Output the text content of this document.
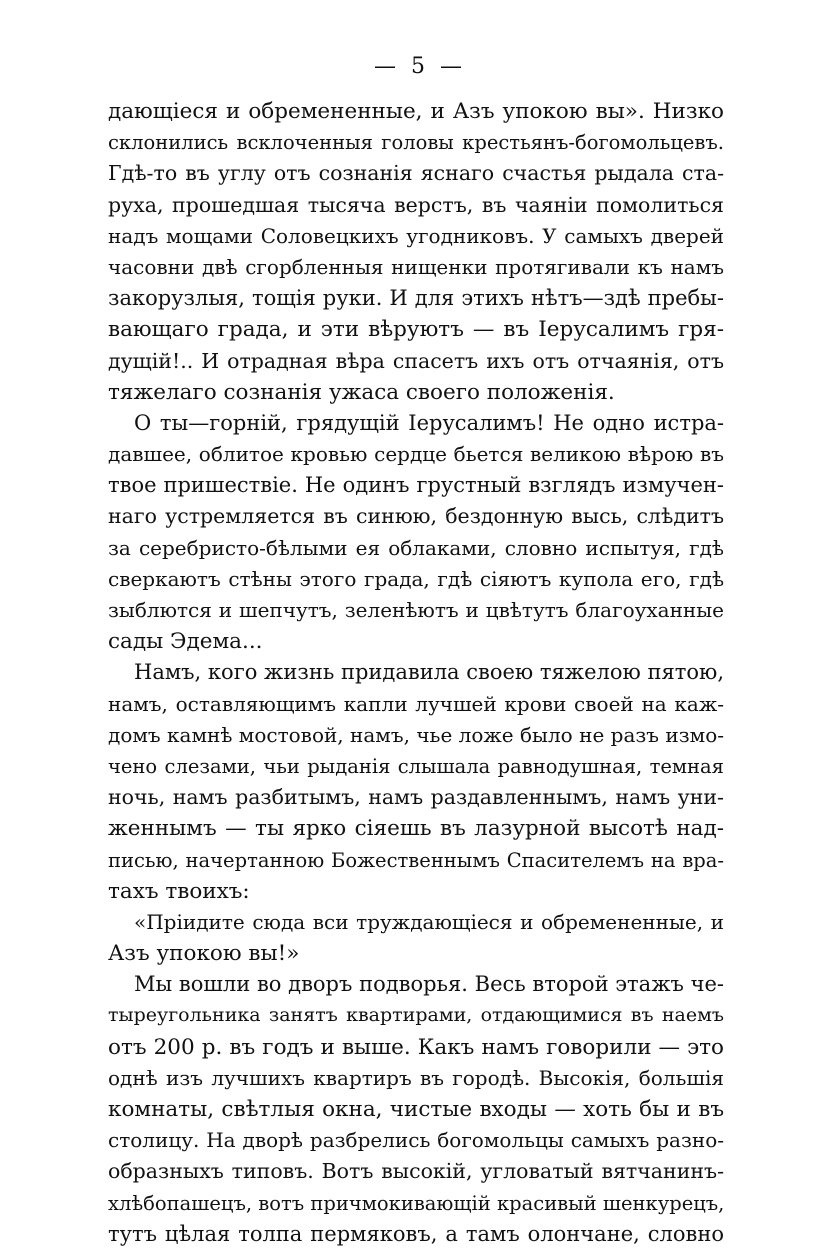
— 5 —
дающіеся и обремененные, и Азъ упокою вы». Низко
склонились всклоченныя головы крестьянъ-богомольцевъ.
Гдѣ-то въ углу отъ сознанія яснаго счастья рыдала ста-
руха, прошедшая тысяча верстъ, въ чаяніи помолиться
надъ мощами Соловецкихъ угодниковъ. У самыхъ дверей
часовни двѣ сгорбленныя нищенки протягивали къ намъ
закорузлыя, тощія руки. И для этихъ нѣтъ—здѣ пребы-
вающаго града, и эти вѣруютъ — въ Іерусалимъ гря-
дущій!.. И отрадная вѣра спасетъ ихъ отъ отчаянія, отъ
тяжелаго сознанія ужаса своего положенія.
О ты—горній, грядущій Іерусалимъ! Не одно истра-
давшее, облитое кровью сердце бьется великою вѣрою въ
твое пришествіе. Не одинъ грустный взглядъ измучен-
наго устремляется въ синюю, бездонную высь, слѣдитъ
за серебристо-бѣлыми ея облаками, словно испытуя, гдѣ
сверкаютъ стѣны этого града, гдѣ сіяютъ купола его, гдѣ
зыблются и шепчутъ, зеленѣютъ и цвѣтутъ благоуханные
сады Эдема...
Намъ, кого жизнь придавила своею тяжелою пятою,
намъ, оставляющимъ капли лучшей крови своей на каж-
домъ камнѣ мостовой, намъ, чье ложе было не разъ измо-
чено слезами, чьи рыданія слышала равнодушная, темная
ночь, намъ разбитымъ, намъ раздавленнымъ, намъ уни-
женнымъ — ты ярко сіяешь въ лазурной высотѣ над-
писью, начертанною Божественнымъ Спасителемъ на вра-
тахъ твоихъ:
«Пріидите сюда вси труждающіеся и обремененные, и
Азъ упокою вы!»
Мы вошли во дворъ подворья. Весь второй этажъ че-
тыреугольника занятъ квартирами, отдающимися въ наемъ
отъ 200 р. въ годъ и выше. Какъ намъ говорили — это
однѣ изъ лучшихъ квартиръ въ городѣ. Высокія, большія
комнаты, свѣтлыя окна, чистые входы — хоть бы и въ
столицу. На дворѣ разбрелись богомольцы самыхъ разно-
образныхъ типовъ. Вотъ высокій, угловатый вятчанинъ-
хлѣбопашецъ, вотъ причмокивающій красивый шенкурецъ,
тутъ цѣлая толпа пермяковъ, а тамъ олончане, словно
